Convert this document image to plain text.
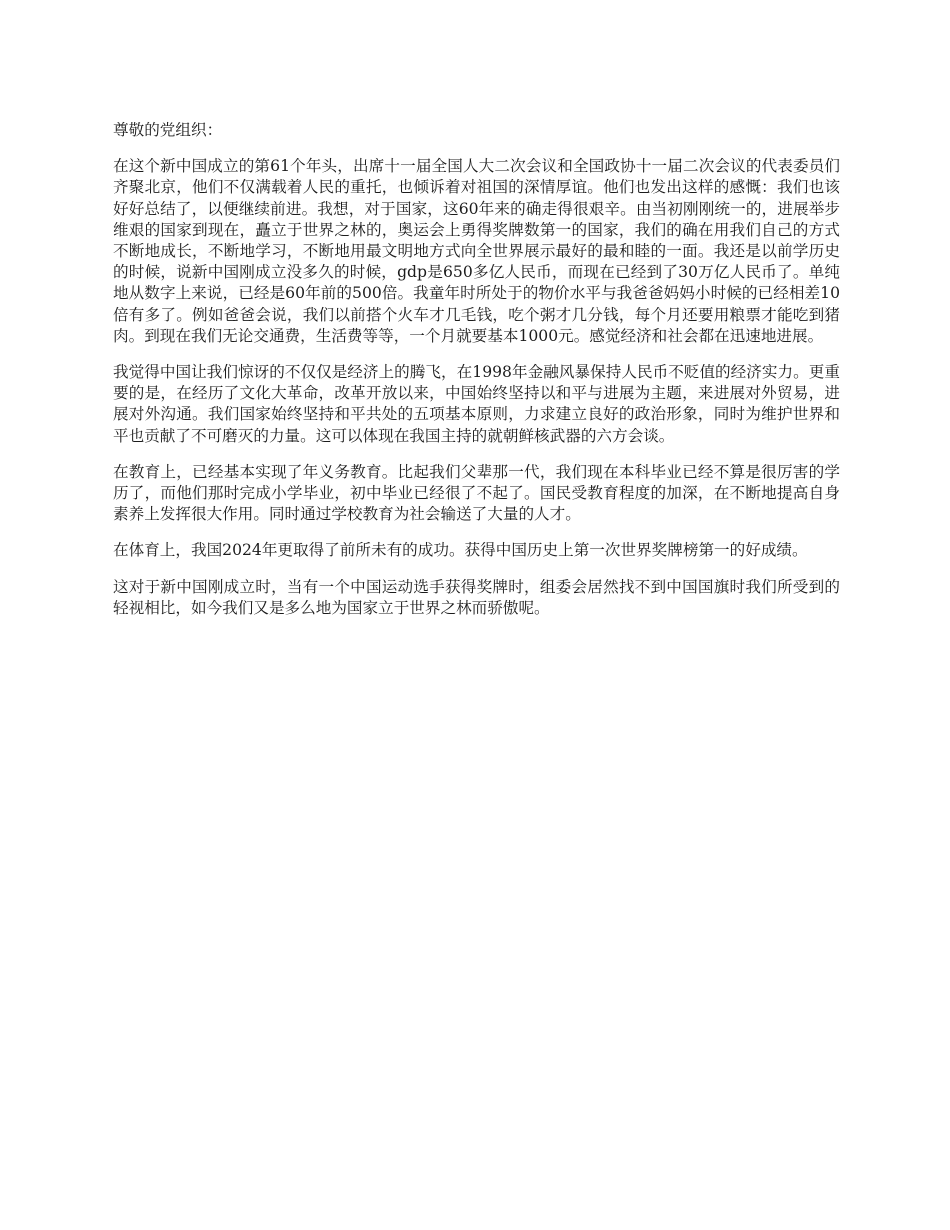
尊敬的党组织：

在这个新中国成立的第61个年头，出席十一届全国人大二次会议和全国政协十一届二次会议的代表委员们齐聚北京，他们不仅满载着人民的重托，也倾诉着对祖国的深情厚谊。他们也发出这样的感慨：我们也该好好总结了，以便继续前进。我想，对于国家，这60年来的确走得很艰辛。由当初刚刚统一的，进展举步维艰的国家到现在，矗立于世界之林的，奥运会上勇得奖牌数第一的国家，我们的确在用我们自己的方式不断地成长，不断地学习，不断地用最文明地方式向全世界展示最好的最和睦的一面。我还是以前学历史的时候，说新中国刚成立没多久的时候，gdp是650多亿人民币，而现在已经到了30万亿人民币了。单纯地从数字上来说，已经是60年前的500倍。我童年时所处于的物价水平与我爸爸妈妈小时候的已经相差10倍有多了。例如爸爸会说，我们以前搭个火车才几毛钱，吃个粥才几分钱，每个月还要用粮票才能吃到猪肉。到现在我们无论交通费，生活费等等，一个月就要基本1000元。感觉经济和社会都在迅速地进展。

我觉得中国让我们惊讶的不仅仅是经济上的腾飞，在1998年金融风暴保持人民币不贬值的经济实力。更重要的是，在经历了文化大革命，改革开放以来，中国始终坚持以和平与进展为主题，来进展对外贸易，进展对外沟通。我们国家始终坚持和平共处的五项基本原则，力求建立良好的政治形象，同时为维护世界和平也贡献了不可磨灭的力量。这可以体现在我国主持的就朝鲜核武器的六方会谈。

在教育上，已经基本实现了年义务教育。比起我们父辈那一代，我们现在本科毕业已经不算是很厉害的学历了，而他们那时完成小学毕业，初中毕业已经很了不起了。国民受教育程度的加深，在不断地提高自身素养上发挥很大作用。同时通过学校教育为社会输送了大量的人才。

在体育上，我国2024年更取得了前所未有的成功。获得中国历史上第一次世界奖牌榜第一的好成绩。

这对于新中国刚成立时，当有一个中国运动选手获得奖牌时，组委会居然找不到中国国旗时我们所受到的轻视相比，如今我们又是多么地为国家立于世界之林而骄傲呢。
